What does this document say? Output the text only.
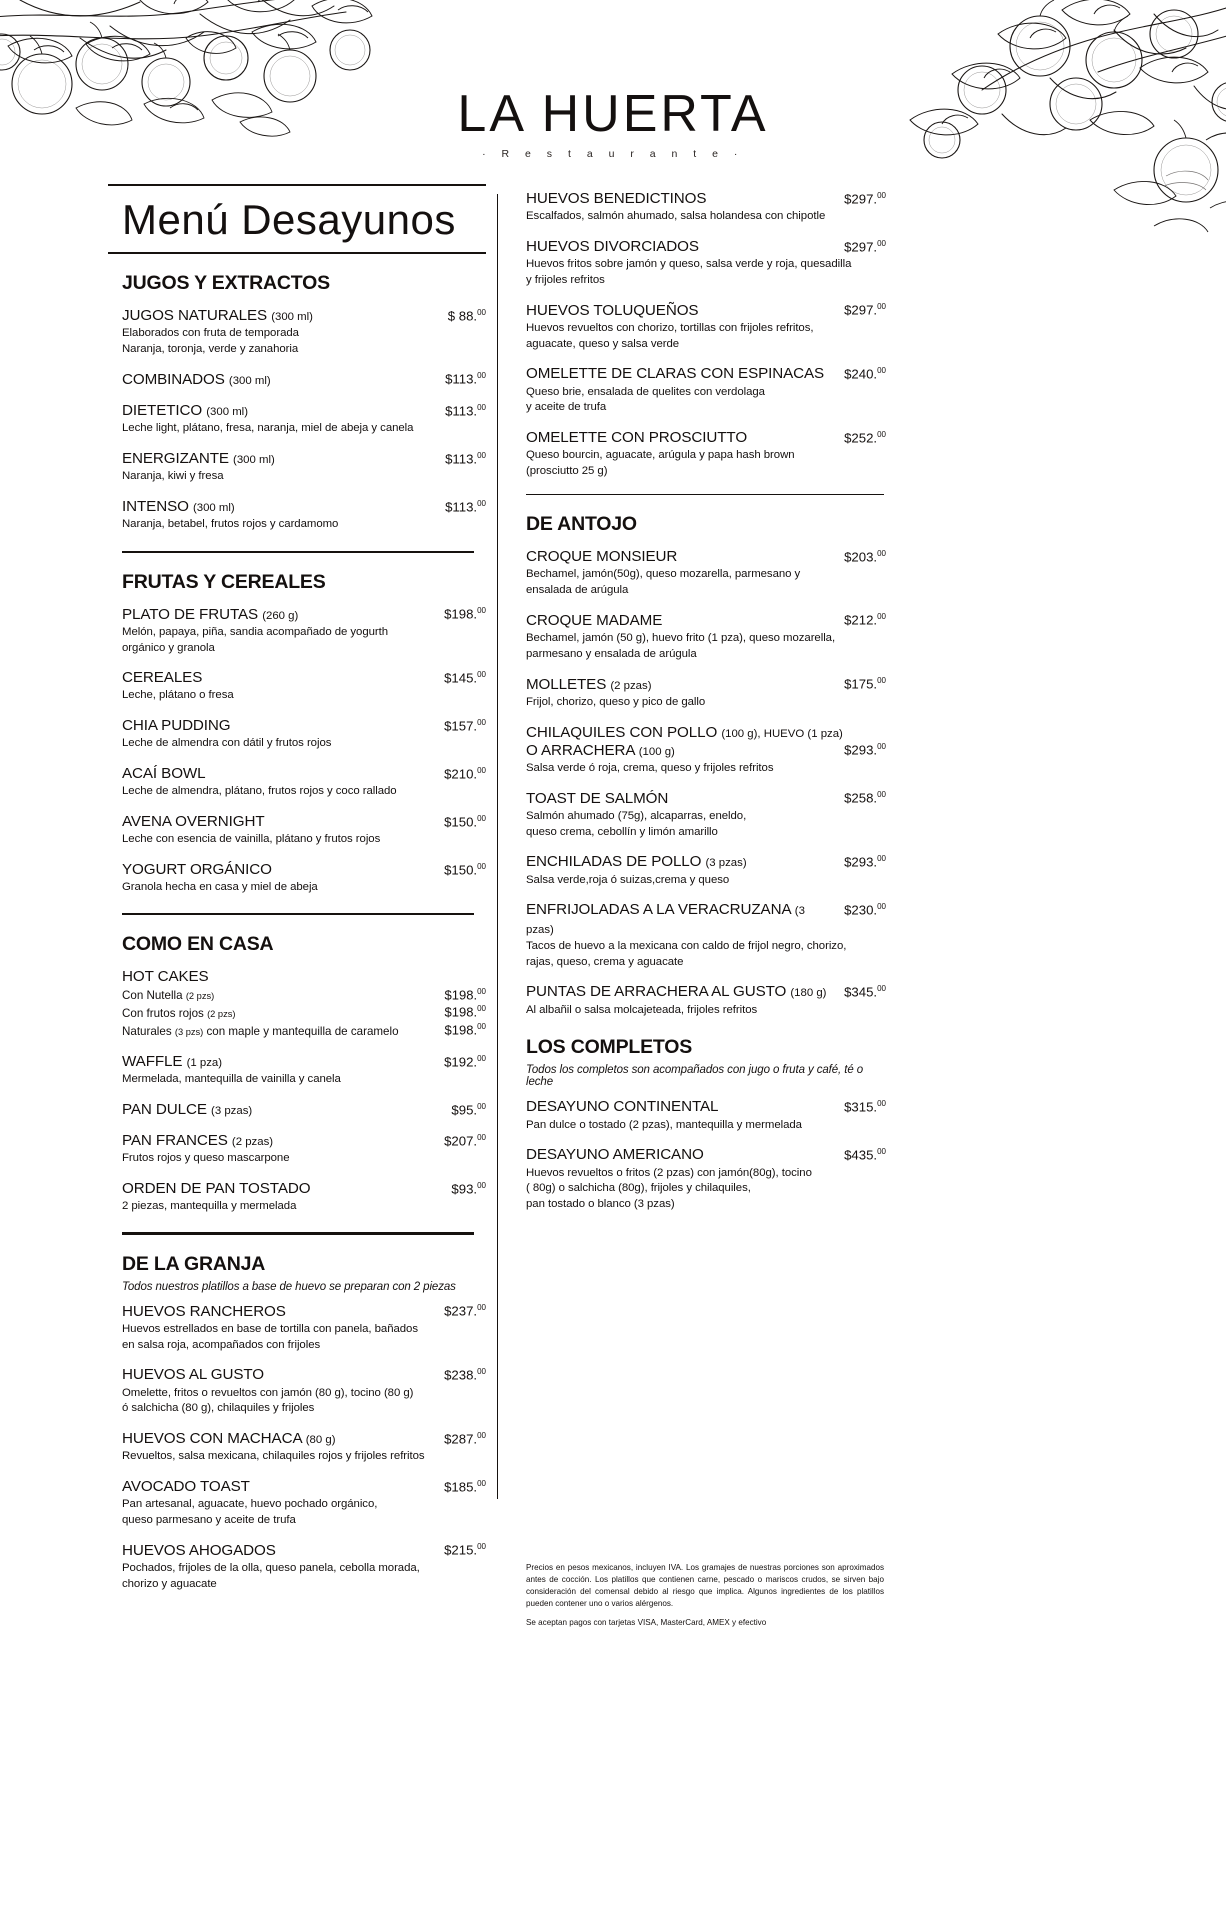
LA HUERTA
· R e s t a u r a n t e ·
Menú Desayunos
JUGOS Y EXTRACTOS
JUGOS NATURALES (300 ml)	$ 88.00
Elaborados con fruta de temporada
Naranja, toronja, verde y zanahoria
COMBINADOS (300 ml)	$113.00
DIETETICO (300 ml)	$113.00
Leche light, plátano, fresa, naranja, miel de abeja y canela
ENERGIZANTE (300 ml)	$113.00
Naranja, kiwi y fresa
INTENSO (300 ml)	$113.00
Naranja, betabel, frutos rojos y cardamomo
FRUTAS Y CEREALES
PLATO DE FRUTAS (260 g)	$198.00
Melón, papaya, piña, sandia acompañado de yogurth
orgánico y granola
CEREALES	$145.00
Leche, plátano o fresa
CHIA PUDDING	$157.00
Leche de almendra con dátil y frutos rojos
ACAÍ BOWL	$210.00
Leche de almendra, plátano, frutos rojos y coco rallado
AVENA OVERNIGHT	$150.00
Leche con esencia de vainilla, plátano y frutos rojos
YOGURT ORGÁNICO	$150.00
Granola hecha en casa y miel de abeja
COMO EN CASA
HOT CAKES
Con Nutella (2 pzs)	$198.00
Con frutos rojos (2 pzs)	$198.00
Naturales (3 pzs) con maple y mantequilla de caramelo	$198.00
WAFFLE (1 pza)	$192.00
Mermelada, mantequilla de vainilla y canela
PAN DULCE (3 pzas)	$95.00
PAN FRANCES (2 pzas)	$207.00
Frutos rojos y queso mascarpone
ORDEN DE PAN TOSTADO	$93.00
2 piezas, mantequilla y mermelada
DE LA GRANJA
Todos nuestros platillos a base de huevo se preparan con 2 piezas
HUEVOS RANCHEROS	$237.00
Huevos estrellados en base de tortilla con panela, bañados
en salsa roja, acompañados con frijoles
HUEVOS AL GUSTO	$238.00
Omelette, fritos o revueltos con jamón (80 g), tocino (80 g)
ó salchicha (80 g), chilaquiles y frijoles
HUEVOS CON MACHACA (80 g)	$287.00
Revueltos, salsa mexicana, chilaquiles rojos y frijoles refritos
AVOCADO TOAST	$185.00
Pan artesanal, aguacate, huevo pochado orgánico,
queso parmesano y aceite de trufa
HUEVOS AHOGADOS	$215.00
Pochados, frijoles de la olla, queso panela, cebolla morada,
chorizo y aguacate
HUEVOS BENEDICTINOS	$297.00
Escalfados, salmón ahumado, salsa holandesa con chipotle
HUEVOS DIVORCIADOS	$297.00
Huevos fritos sobre jamón y queso, salsa verde y roja, quesadilla
y frijoles refritos
HUEVOS TOLUQUEÑOS	$297.00
Huevos revueltos con chorizo, tortillas con frijoles refritos,
aguacate, queso y salsa verde
OMELETTE DE CLARAS CON ESPINACAS $240.00
Queso brie, ensalada de quelites con verdolaga
y aceite de trufa
OMELETTE CON PROSCIUTTO	$252.00
Queso bourcin, aguacate, arúgula y papa hash brown
(prosciutto 25 g)
DE ANTOJO
CROQUE MONSIEUR	$203.00
Bechamel, jamón(50g), queso mozarella, parmesano y
ensalada de arúgula
CROQUE MADAME	$212.00
Bechamel, jamón (50 g), huevo frito (1 pza), queso mozarella,
parmesano y ensalada de arúgula
MOLLETES (2 pzas)	$175.00
Frijol, chorizo, queso y pico de gallo
CHILAQUILES CON POLLO (100 g), HUEVO (1 pza)
O ARRACHERA (100 g)	$293.00
Salsa verde ó roja, crema, queso y frijoles refritos
TOAST DE SALMÓN	$258.00
Salmón ahumado (75g), alcaparras, eneldo,
queso crema, cebollín y limón amarillo
ENCHILADAS DE POLLO (3 pzas)	$293.00
Salsa verde,roja ó suizas,crema y queso
ENFRIJOLADAS A LA VERACRUZANA (3 pzas)
$230.00
Tacos de huevo a la mexicana con caldo de frijol negro, chorizo,
rajas, queso, crema y aguacate
PUNTAS DE ARRACHERA AL GUSTO (180 g) $345.00
Al albañil o salsa molcajeteada, frijoles refritos
LOS COMPLETOS
Todos los completos son acompañados con jugo o fruta y café, té o leche
DESAYUNO CONTINENTAL	$315.00
Pan dulce o tostado (2 pzas), mantequilla y mermelada
DESAYUNO AMERICANO	$435.00
Huevos revueltos o fritos (2 pzas) con jamón(80g), tocino
( 80g) o salchicha (80g), frijoles y chilaquiles,
pan tostado o blanco (3 pzas)

Precios en pesos mexicanos, incluyen IVA. Los gramajes de nuestras porciones son aproximados antes de cocción. Los platillos que contienen carne, pescado o mariscos crudos, se sirven bajo consideración del comensal debido al riesgo que implica. Algunos ingredientes de los platillos pueden contener uno o varios alérgenos.

Se aceptan pagos con tarjetas VISA, MasterCard, AMEX y efectivo
